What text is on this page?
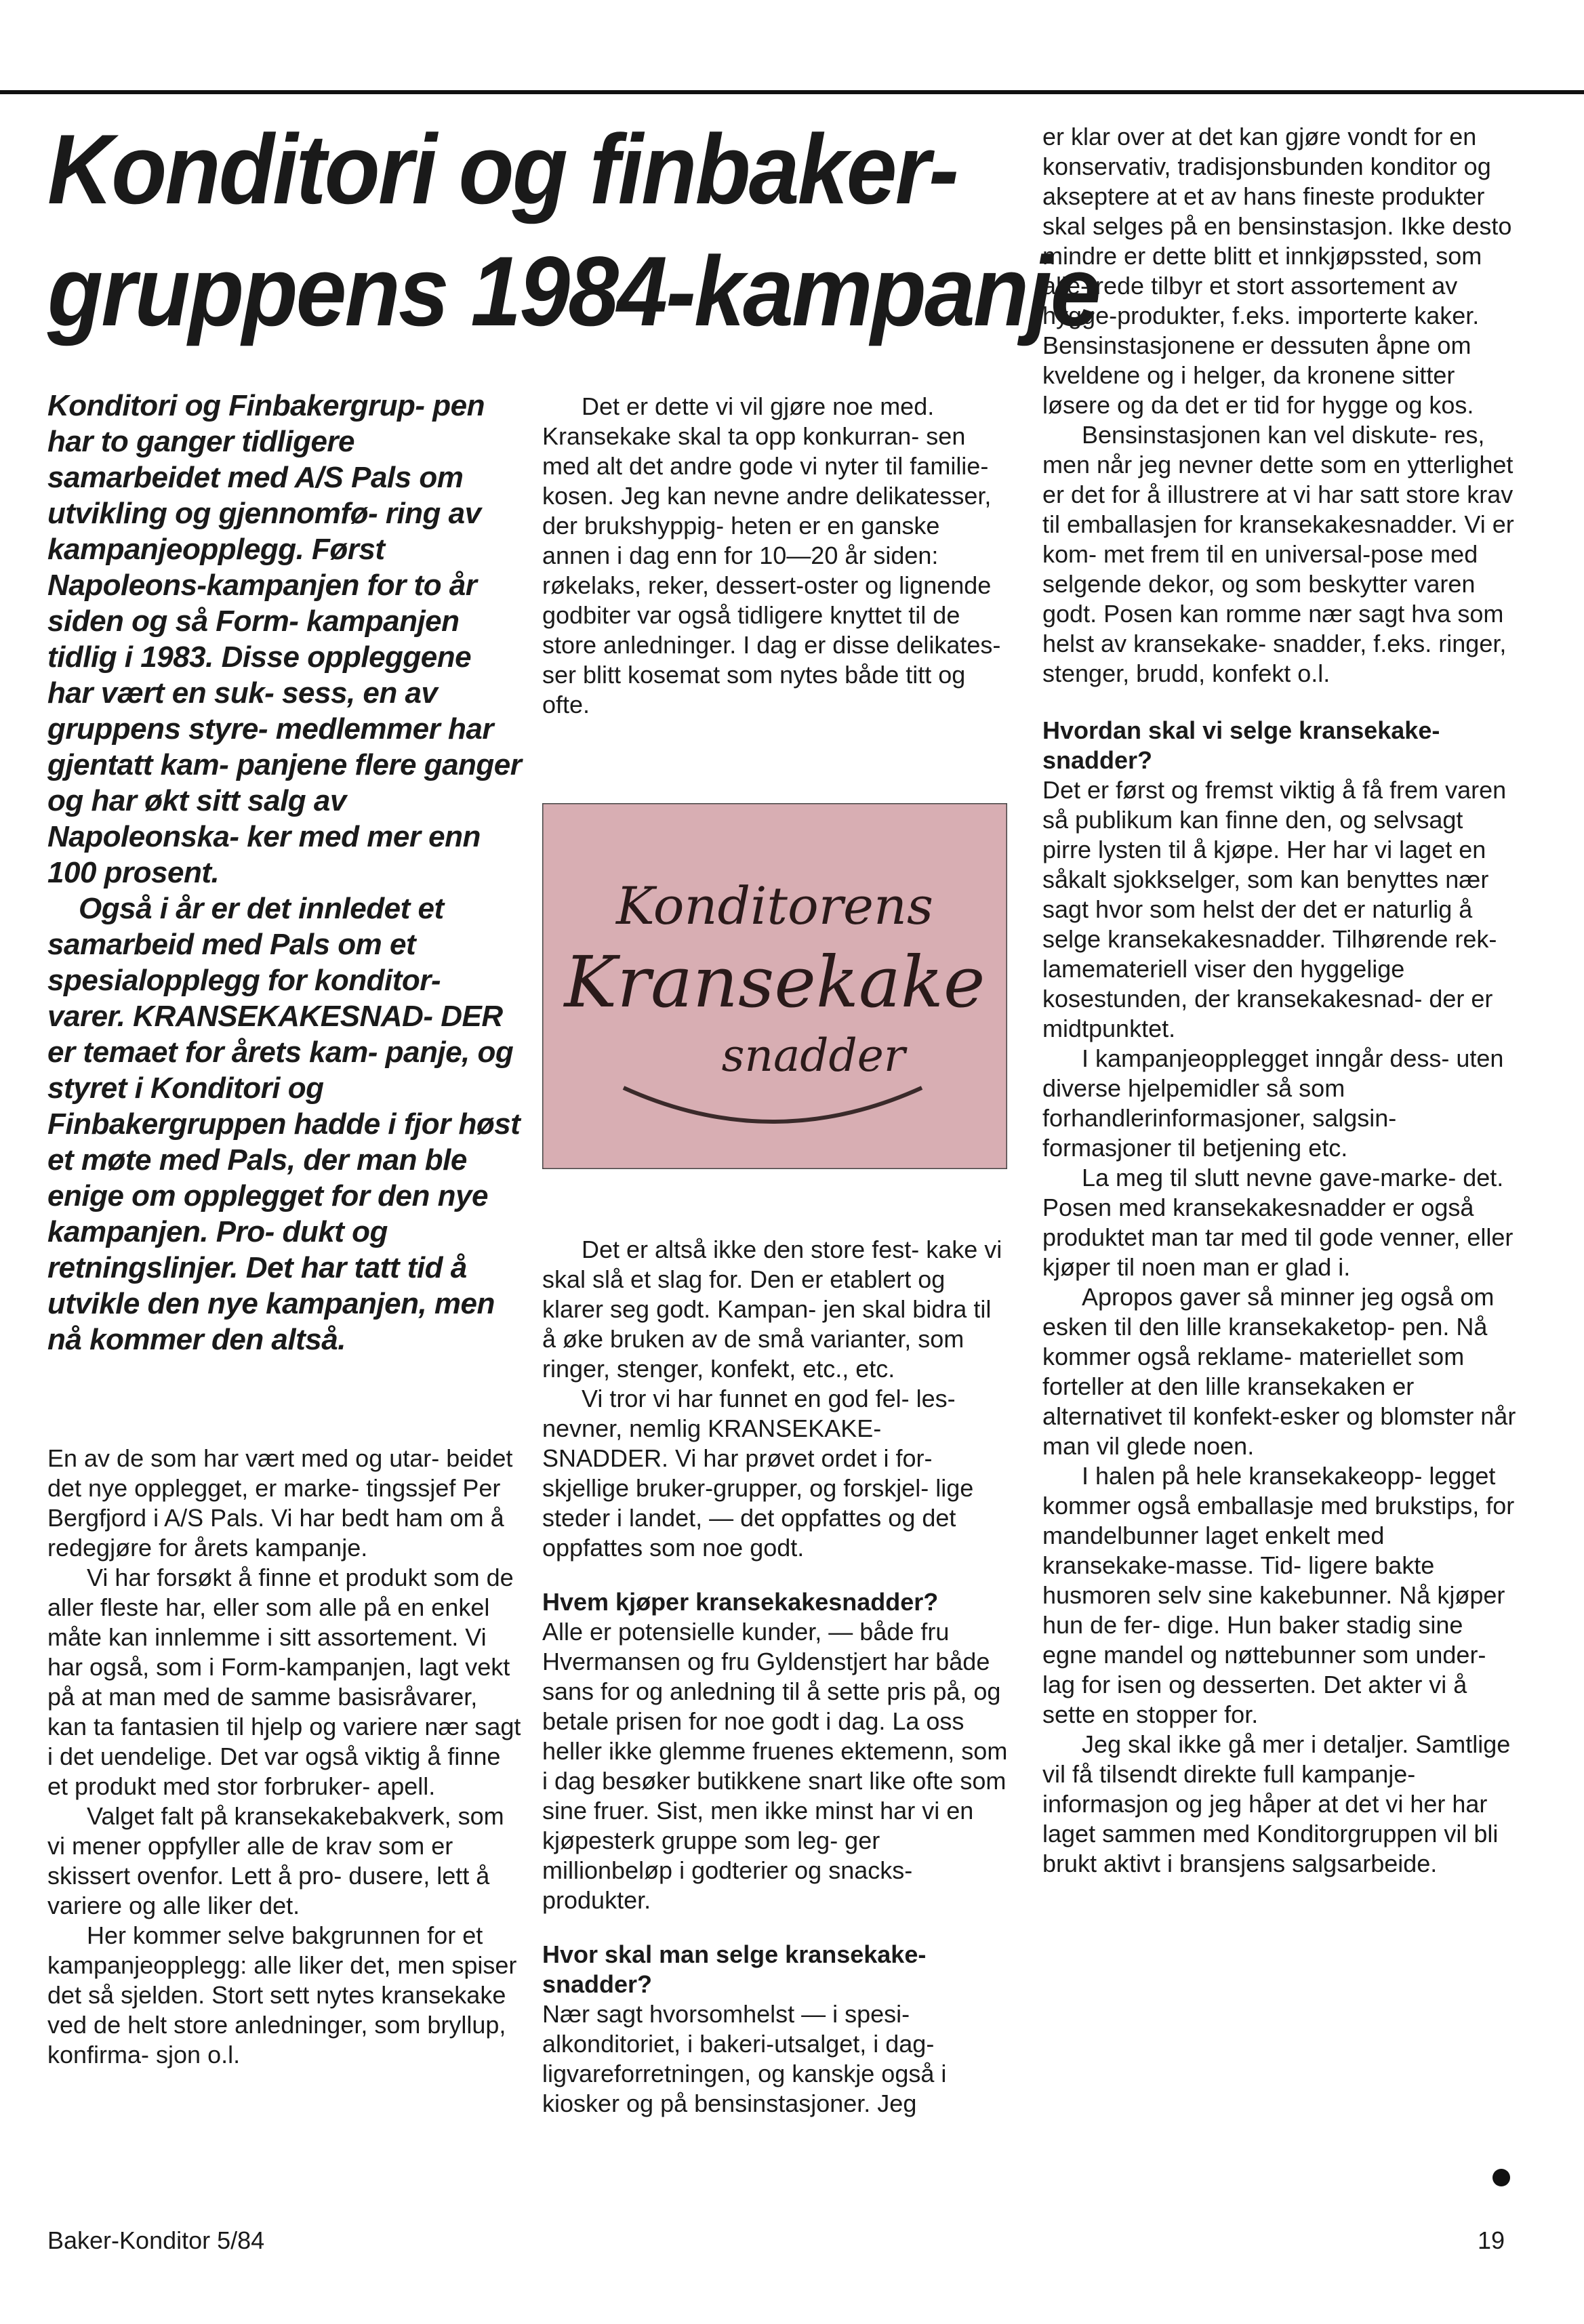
Konditori og finbaker-
gruppens 1984-kampanje

Konditori og Finbakergrup- pen har to ganger tidligere samarbeidet med A/S Pals om utvikling og gjennomfø- ring av kampanjeopplegg. Først Napoleons-kampanjen for to år siden og så Form- kampanjen tidlig i 1983. Disse oppleggene har vært en suk- sess, en av gruppens styre- medlemmer har gjentatt kam- panjene flere ganger og har økt sitt salg av Napoleonska- ker med mer enn 100 prosent.

Også i år er det innledet et samarbeid med Pals om et spesialopplegg for konditor- varer. KRANSEKAKESNAD- DER er temaet for årets kam- panje, og styret i Konditori og Finbakergruppen hadde i fjor høst et møte med Pals, der man ble enige om opplegget for den nye kampanjen. Pro- dukt og retningslinjer. Det har tatt tid å utvikle den nye kampanjen, men nå kommer den altså.

En av de som har vært med og utar- beidet det nye opplegget, er marke- tingssjef Per Bergfjord i A/S Pals. Vi har bedt ham om å redegjøre for årets kampanje.

Vi har forsøkt å finne et produkt som de aller fleste har, eller som alle på en enkel måte kan innlemme i sitt assortement. Vi har også, som i Form-kampanjen, lagt vekt på at man med de samme basisråvarer, kan ta fantasien til hjelp og variere nær sagt i det uendelige. Det var også viktig å finne et produkt med stor forbruker- apell.

Valget falt på kransekakebakverk, som vi mener oppfyller alle de krav som er skissert ovenfor. Lett å pro- dusere, lett å variere og alle liker det.

Her kommer selve bakgrunnen for et kampanjeopplegg: alle liker det, men spiser det så sjelden. Stort sett nytes kransekake ved de helt store anledninger, som bryllup, konfirma- sjon o.l.

Det er dette vi vil gjøre noe med. Kransekake skal ta opp konkurran- sen med alt det andre gode vi nyter til familie-kosen. Jeg kan nevne andre delikatesser, der brukshyppig- heten er en ganske annen i dag enn for 10—20 år siden: røkelaks, reker, dessert-oster og lignende godbiter var også tidligere knyttet til de store anledninger. I dag er disse delikates- ser blitt kosemat som nytes både titt og ofte.

Konditorens
Kransekake
snadder

Det er altså ikke den store fest- kake vi skal slå et slag for. Den er etablert og klarer seg godt. Kampan- jen skal bidra til å øke bruken av de små varianter, som ringer, stenger, konfekt, etc., etc.

Vi tror vi har funnet en god fel- les-nevner, nemlig KRANSEKAKE- SNADDER. Vi har prøvet ordet i for- skjellige bruker-grupper, og forskjel- lige steder i landet, — det oppfattes og det oppfattes som noe godt.

Hvem kjøper kransekakesnadder?

Alle er potensielle kunder, — både fru Hvermansen og fru Gyldenstjert har både sans for og anledning til å sette pris på, og betale prisen for noe godt i dag. La oss heller ikke glemme fruenes ektemenn, som i dag besøker butikkene snart like ofte som sine fruer. Sist, men ikke minst har vi en kjøpesterk gruppe som leg- ger millionbeløp i godterier og snacks-produkter.

Hvor skal man selge kransekake- snadder?

Nær sagt hvorsomhelst — i spesi- alkonditoriet, i bakeri-utsalget, i dag- ligvareforretningen, og kanskje også i kiosker og på bensinstasjoner. Jeg

er klar over at det kan gjøre vondt for en konservativ, tradisjonsbunden konditor og akseptere at et av hans fineste produkter skal selges på en bensinstasjon. Ikke desto mindre er dette blitt et innkjøpssted, som alle- rede tilbyr et stort assortement av hygge-produkter, f.eks. importerte kaker. Bensinstasjonene er dessuten åpne om kveldene og i helger, da kronene sitter løsere og da det er tid for hygge og kos.

Bensinstasjonen kan vel diskute- res, men når jeg nevner dette som en ytterlighet er det for å illustrere at vi har satt store krav til emballasjen for kransekakesnadder. Vi er kom- met frem til en universal-pose med selgende dekor, og som beskytter varen godt. Posen kan romme nær sagt hva som helst av kransekake- snadder, f.eks. ringer, stenger, brudd, konfekt o.l.

Hvordan skal vi selge kransekake- snadder?

Det er først og fremst viktig å få frem varen så publikum kan finne den, og selvsagt pirre lysten til å kjøpe. Her har vi laget en såkalt sjokkselger, som kan benyttes nær sagt hvor som helst der det er naturlig å selge kransekakesnadder. Tilhørende rek- lamemateriell viser den hyggelige kosestunden, der kransekakesnad- der er midtpunktet.

I kampanjeopplegget inngår dess- uten diverse hjelpemidler så som forhandlerinformasjoner, salgsin- formasjoner til betjening etc.

La meg til slutt nevne gave-marke- det. Posen med kransekakesnadder er også produktet man tar med til gode venner, eller kjøper til noen man er glad i.

Apropos gaver så minner jeg også om esken til den lille kransekaketop- pen. Nå kommer også reklame- materiellet som forteller at den lille kransekaken er alternativet til konfekt-esker og blomster når man vil glede noen.

I halen på hele kransekakeopp- legget kommer også emballasje med brukstips, for mandelbunner laget enkelt med kransekake-masse. Tid- ligere bakte husmoren selv sine kakebunner. Nå kjøper hun de fer- dige. Hun baker stadig sine egne mandel og nøttebunner som under- lag for isen og desserten. Det akter vi å sette en stopper for.

Jeg skal ikke gå mer i detaljer. Samtlige vil få tilsendt direkte full kampanje-informasjon og jeg håper at det vi her har laget sammen med Konditorgruppen vil bli brukt aktivt i bransjens salgsarbeide.

Baker-Konditor 5/84	19
